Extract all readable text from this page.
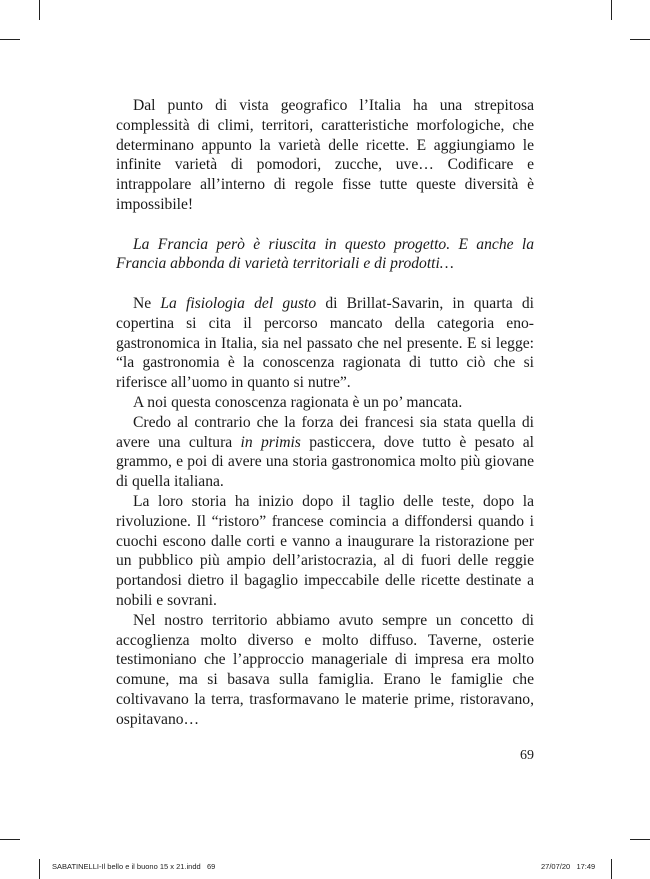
Dal punto di vista geografico l’Italia ha una strepitosa complessità di climi, territori, caratteristiche morfologiche, che determinano appunto la varietà delle ricette. E aggiungiamo le infinite varietà di pomodori, zucche, uve… Codificare e intrappolare all’interno di regole fisse tutte queste diversità è impossibile!

La Francia però è riuscita in questo progetto. E anche la Francia abbonda di varietà territoriali e di prodotti…

Ne La fisiologia del gusto di Brillat-Savarin, in quarta di copertina si cita il percorso mancato della categoria eno-gastronomica in Italia, sia nel passato che nel presente. E si legge: “la gastronomia è la conoscenza ragionata di tutto ciò che si riferisce all’uomo in quanto si nutre”.

A noi questa conoscenza ragionata è un po’ mancata.

Credo al contrario che la forza dei francesi sia stata quella di avere una cultura in primis pasticcera, dove tutto è pesato al grammo, e poi di avere una storia gastronomica molto più giovane di quella italiana.

La loro storia ha inizio dopo il taglio delle teste, dopo la rivoluzione. Il “ristoro” francese comincia a diffondersi quando i cuochi escono dalle corti e vanno a inaugurare la ristorazione per un pubblico più ampio dell’aristocrazia, al di fuori delle reggie portandosi dietro il bagaglio impeccabile delle ricette destinate a nobili e sovrani.

Nel nostro territorio abbiamo avuto sempre un concetto di accoglienza molto diverso e molto diffuso. Taverne, osterie testimoniano che l’approccio manageriale di impresa era molto comune, ma si basava sulla famiglia. Erano le famiglie che coltivavano la terra, trasformavano le materie prime, ristoravano, ospitavano…

69
SABATINELLI-Il bello e il buono 15 x 21.indd   69	27/07/20   17:49
